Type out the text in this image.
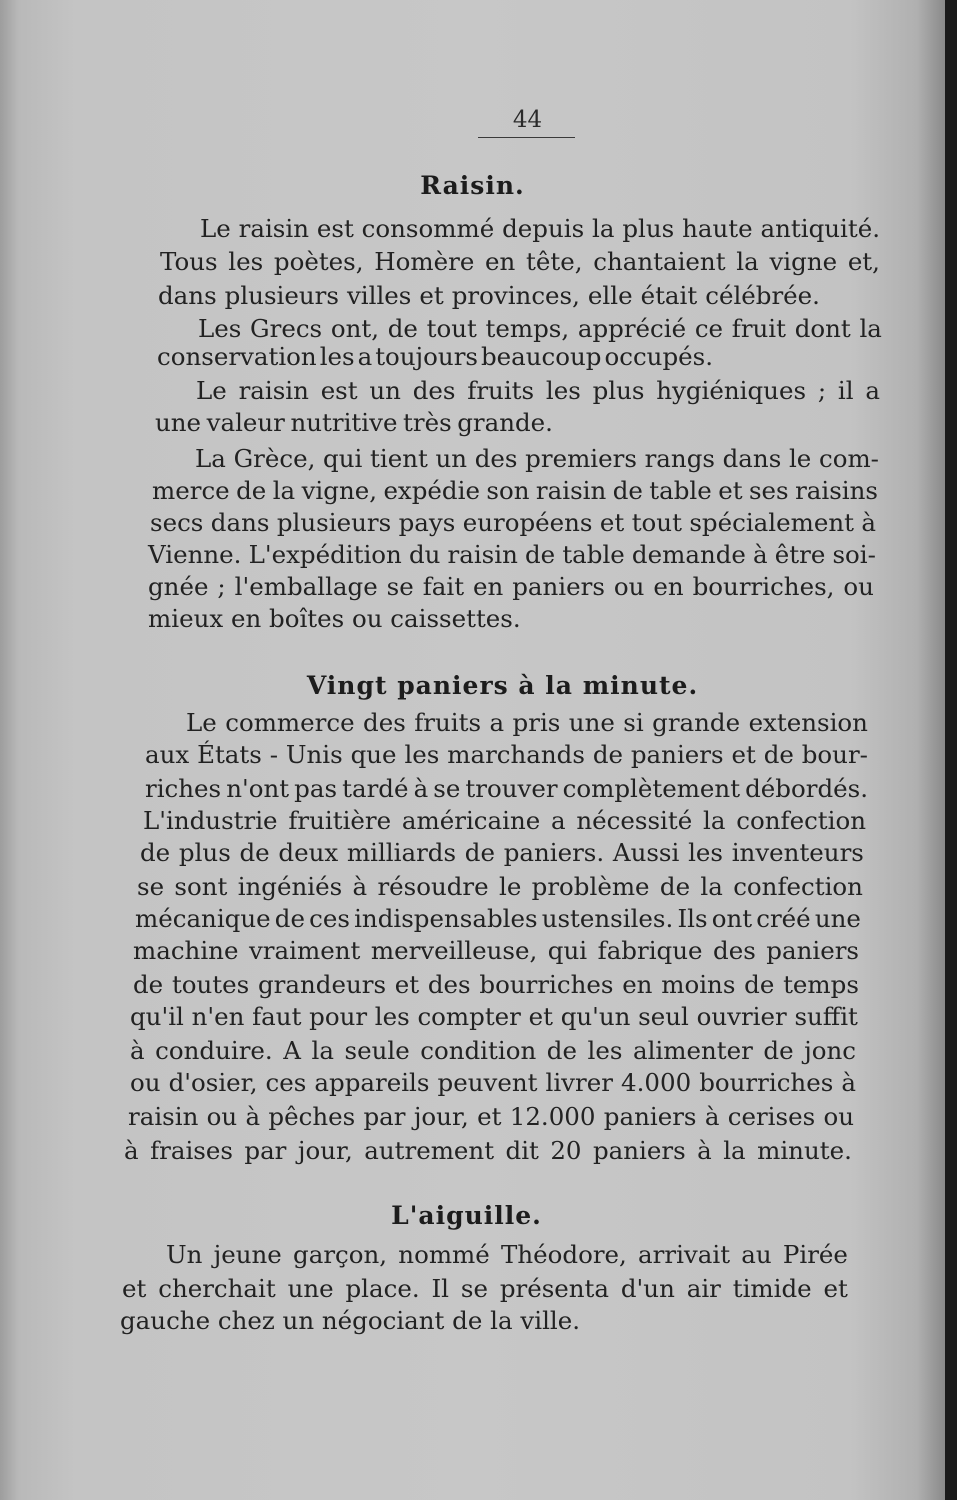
44
Raisin.
Le raisin est consommé depuis la plus haute antiquité.
Tous les poètes, Homère en tête, chantaient la vigne et,
dans plusieurs villes et provinces, elle était célébrée.
Les Grecs ont, de tout temps, apprécié ce fruit dont la
conservation les a toujours beaucoup occupés.
Le raisin est un des fruits les plus hygiéniques ; il a
une valeur nutritive très grande.
La Grèce, qui tient un des premiers rangs dans le com-
merce de la vigne, expédie son raisin de table et ses raisins
secs dans plusieurs pays européens et tout spécialement à
Vienne. L'expédition du raisin de table demande à être soi-
gnée ; l'emballage se fait en paniers ou en bourriches, ou
mieux en boîtes ou caissettes.
Vingt paniers à la minute.
Le commerce des fruits a pris une si grande extension
aux États - Unis que les marchands de paniers et de bour-
riches n'ont pas tardé à se trouver complètement débordés.
L'industrie fruitière américaine a nécessité la confection
de plus de deux milliards de paniers. Aussi les inventeurs
se sont ingéniés à résoudre le problème de la confection
mécanique de ces indispensables ustensiles. Ils ont créé une
machine vraiment merveilleuse, qui fabrique des paniers
de toutes grandeurs et des bourriches en moins de temps
qu'il n'en faut pour les compter et qu'un seul ouvrier suffit
à conduire. A la seule condition de les alimenter de jonc
ou d'osier, ces appareils peuvent livrer 4.000 bourriches à
raisin ou à pêches par jour, et 12.000 paniers à cerises ou
à fraises par jour, autrement dit 20 paniers à la minute.
L'aiguille.
Un jeune garçon, nommé Théodore, arrivait au Pirée
et cherchait une place. Il se présenta d'un air timide et
gauche chez un négociant de la ville.
